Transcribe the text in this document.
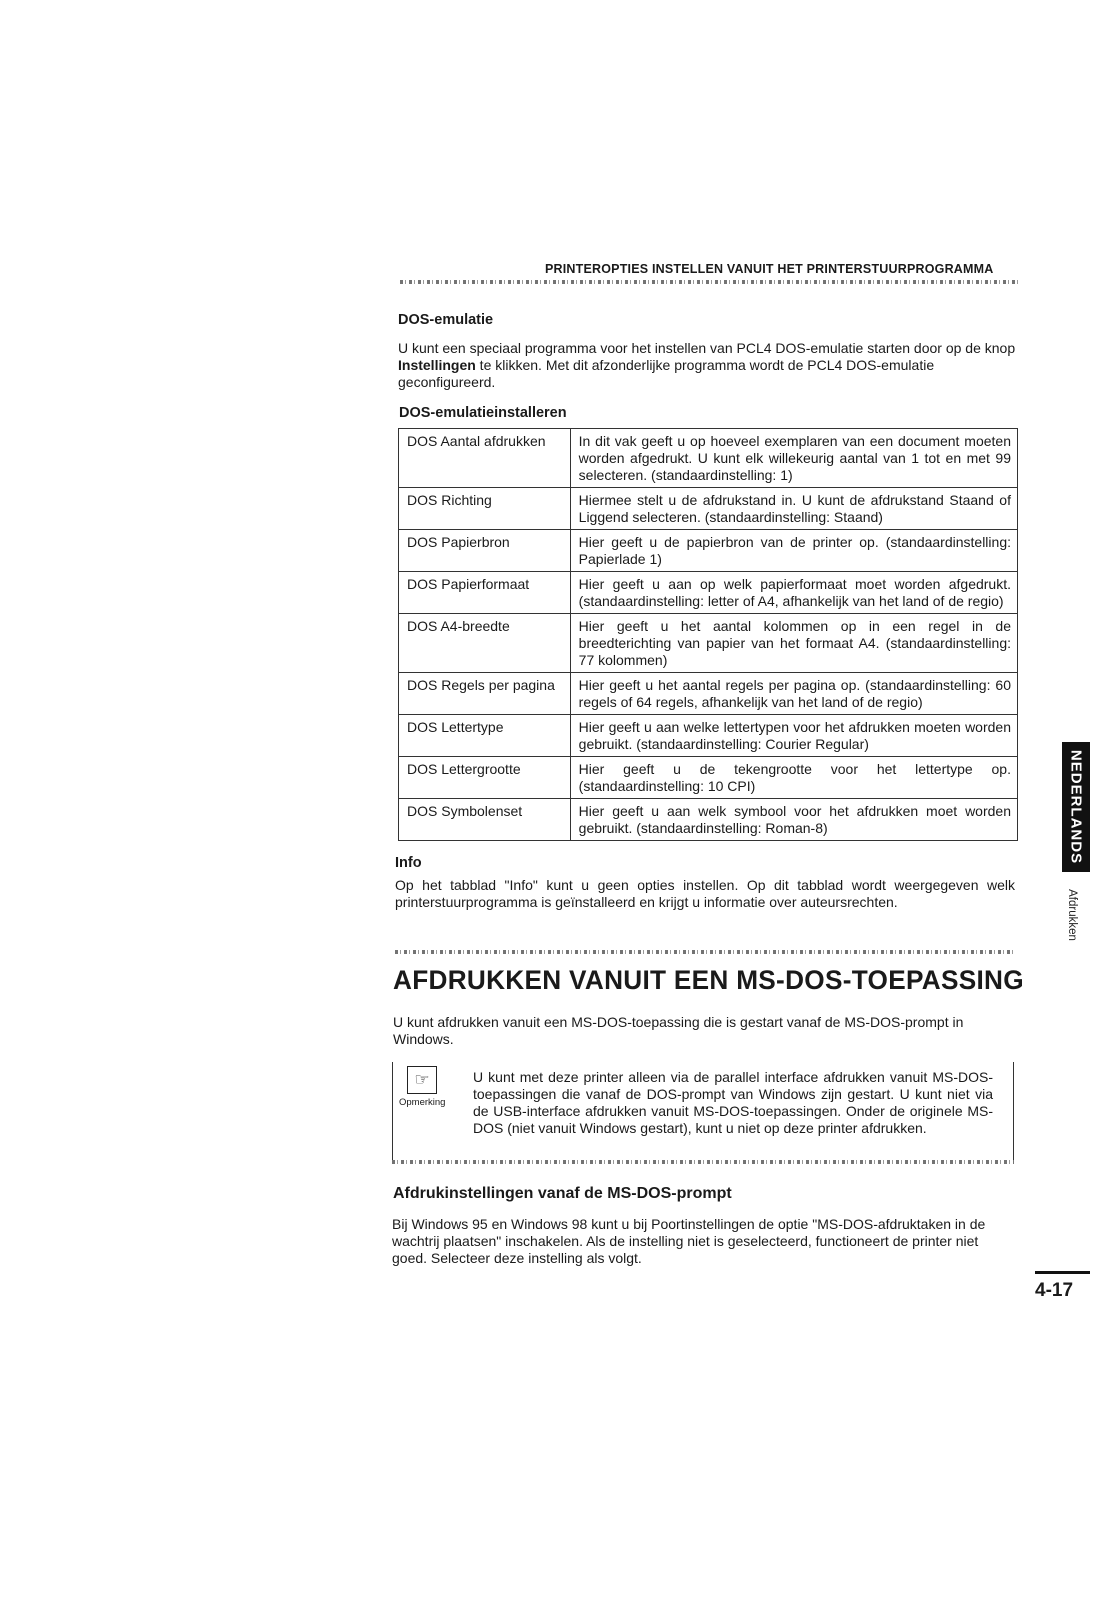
PRINTEROPTIES INSTELLEN VANUIT HET PRINTERSTUURPROGRAMMA
DOS-emulatie

U kunt een speciaal programma voor het instellen van PCL4 DOS-emulatie starten door op de knop Instellingen te klikken. Met dit afzonderlijke programma wordt de PCL4 DOS-emulatie geconfigureerd.

DOS-emulatieinstalleren
DOS Aantal afdrukken	In dit vak geeft u op hoeveel exemplaren van een document moeten worden afgedrukt. U kunt elk willekeurig aantal van 1 tot en met 99 selecteren. (standaardinstelling: 1)
DOS Richting	Hiermee stelt u de afdrukstand in. U kunt de afdrukstand Staand of Liggend selecteren. (standaardinstelling: Staand)
DOS Papierbron	Hier geeft u de papierbron van de printer op. (standaardinstelling: Papierlade 1)
DOS Papierformaat	Hier geeft u aan op welk papierformaat moet worden afgedrukt. (standaardinstelling: letter of A4, afhankelijk van het land of de regio)
DOS A4-breedte	Hier geeft u het aantal kolommen op in een regel in de breedterichting van papier van het formaat A4. (standaardinstelling: 77 kolommen)
DOS Regels per pagina	Hier geeft u het aantal regels per pagina op. (standaardinstelling: 60 regels of 64 regels, afhankelijk van het land of de regio)
DOS Lettertype	Hier geeft u aan welke lettertypen voor het afdrukken moeten worden gebruikt. (standaardinstelling: Courier Regular)
DOS Lettergrootte	Hier geeft u de tekengrootte voor het lettertype op. (standaardinstelling: 10 CPI)
DOS Symbolenset	Hier geeft u aan welk symbool voor het afdrukken moet worden gebruikt. (standaardinstelling: Roman-8)
Info

Op het tabblad "Info" kunt u geen opties instellen. Op dit tabblad wordt weergegeven welk printerstuurprogramma is geïnstalleerd en krijgt u informatie over auteursrechten.

AFDRUKKEN VANUIT EEN MS-DOS-TOEPASSING

U kunt afdrukken vanuit een MS-DOS-toepassing die is gestart vanaf de MS-DOS-prompt in Windows.

☞
Opmerking

U kunt met deze printer alleen via de parallel interface afdrukken vanuit MS-DOS-toepassingen die vanaf de DOS-prompt van Windows zijn gestart. U kunt niet via de USB-interface afdrukken vanuit MS-DOS-toepassingen. Onder de originele MS-DOS (niet vanuit Windows gestart), kunt u niet op deze printer afdrukken.

Afdrukinstellingen vanaf de MS-DOS-prompt

Bij Windows 95 en Windows 98 kunt u bij Poortinstellingen de optie "MS-DOS-afdruktaken in de wachtrij plaatsen" inschakelen. Als de instelling niet is geselecteerd, functioneert de printer niet goed. Selecteer deze instelling als volgt.

NEDERLANDS
Afdrukken
4-17
